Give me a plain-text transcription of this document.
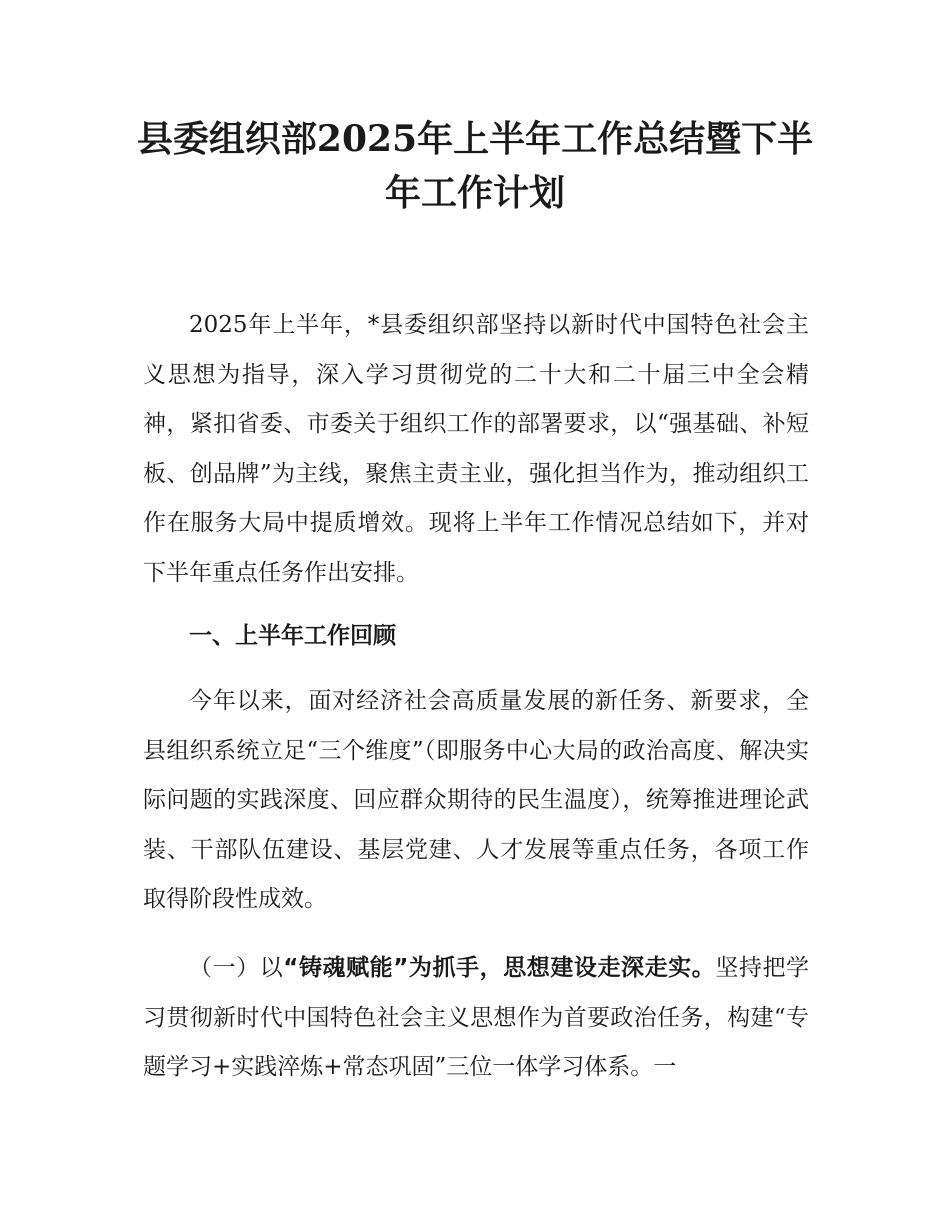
县委组织部2025年上半年工作总结暨下半年工作计划

2025年上半年，*县委组织部坚持以新时代中国特色社会主义思想为指导，深入学习贯彻党的二十大和二十届三中全会精神，紧扣省委、市委关于组织工作的部署要求，以“强基础、补短板、创品牌”为主线，聚焦主责主业，强化担当作为，推动组织工作在服务大局中提质增效。现将上半年工作情况总结如下，并对下半年重点任务作出安排。

一、上半年工作回顾

今年以来，面对经济社会高质量发展的新任务、新要求，全县组织系统立足“三个维度”（即服务中心大局的政治高度、解决实际问题的实践深度、回应群众期待的民生温度），统筹推进理论武装、干部队伍建设、基层党建、人才发展等重点任务，各项工作取得阶段性成效。

（一）以“铸魂赋能”为抓手，思想建设走深走实。坚持把学习贯彻新时代中国特色社会主义思想作为首要政治任务，构建“专题学习+实践淬炼+常态巩固”三位一体学习体系。一
